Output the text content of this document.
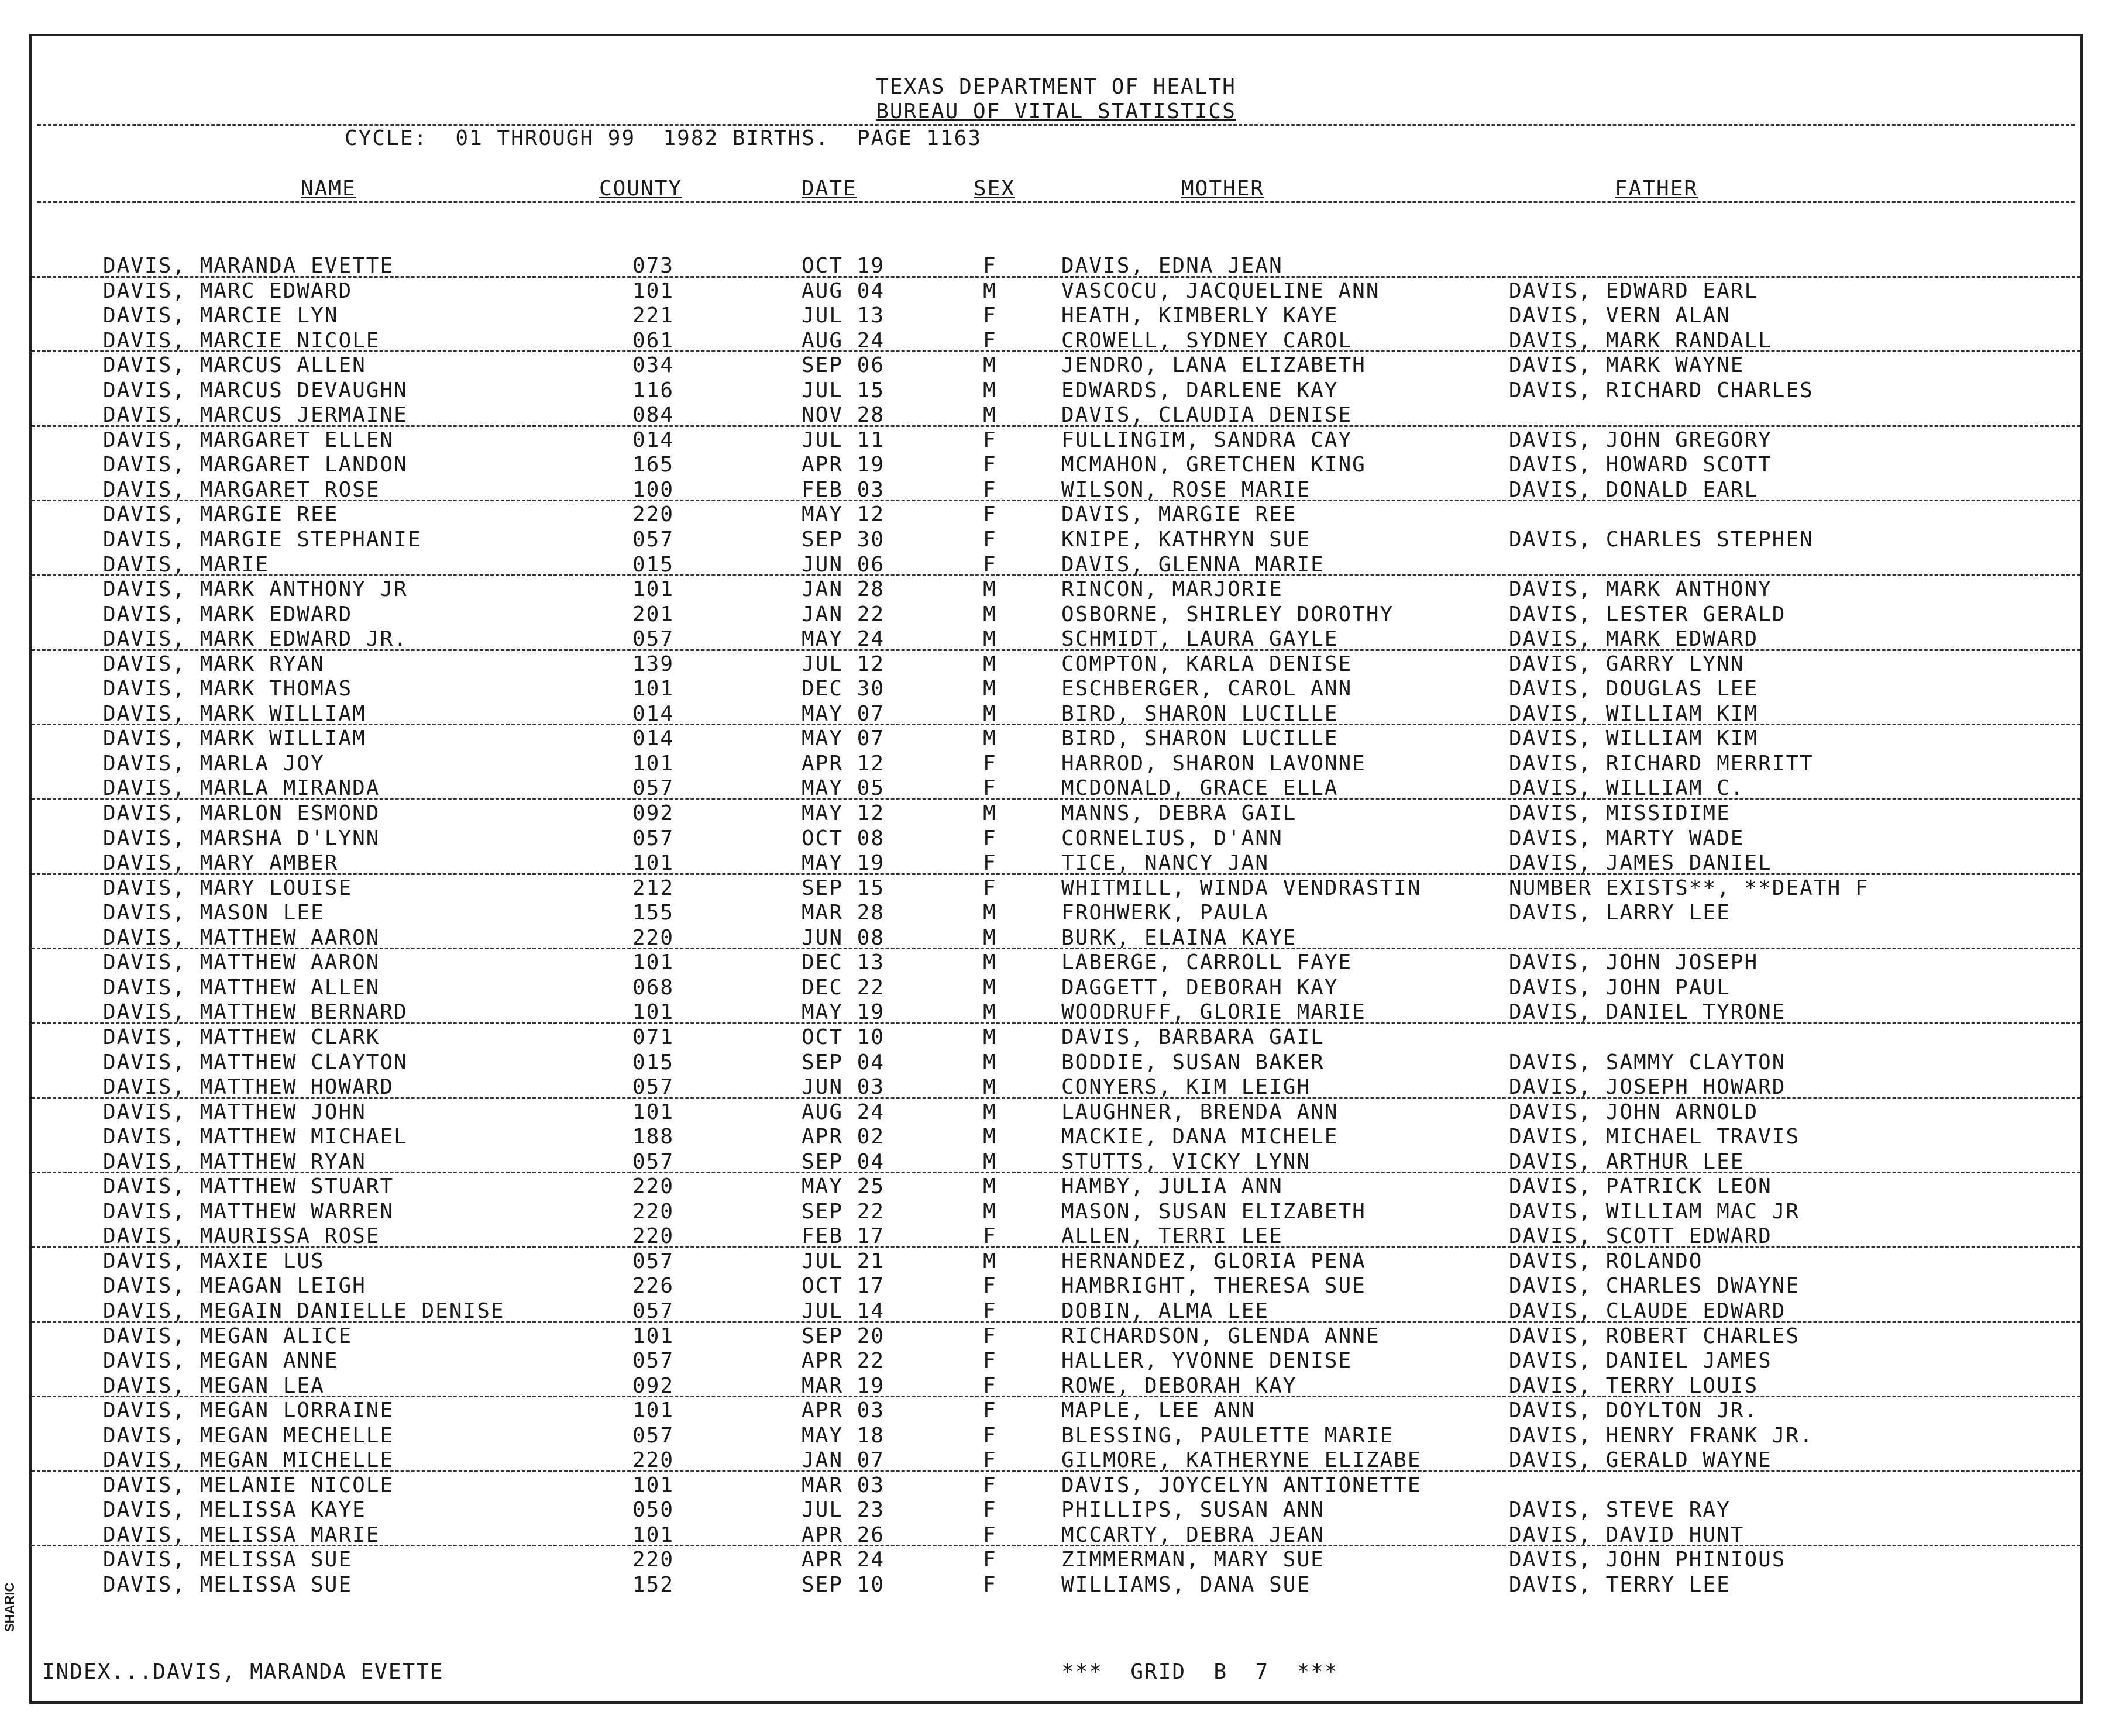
TEXAS DEPARTMENT OF HEALTH
BUREAU OF VITAL STATISTICS
CYCLE:  01 THROUGH 99  1982 BIRTHS.  PAGE 1163
NAME	COUNTY	DATE	SEX	MOTHER	FATHER
DAVIS, MARANDA EVETTE	073	OCT 19	F	DAVIS, EDNA JEAN
DAVIS, MARC EDWARD	101	AUG 04	M	VASCOCU, JACQUELINE ANN	DAVIS, EDWARD EARL
DAVIS, MARCIE LYN	221	JUL 13	F	HEATH, KIMBERLY KAYE	DAVIS, VERN ALAN
DAVIS, MARCIE NICOLE	061	AUG 24	F	CROWELL, SYDNEY CAROL	DAVIS, MARK RANDALL
DAVIS, MARCUS ALLEN	034	SEP 06	M	JENDRO, LANA ELIZABETH	DAVIS, MARK WAYNE
DAVIS, MARCUS DEVAUGHN	116	JUL 15	M	EDWARDS, DARLENE KAY	DAVIS, RICHARD CHARLES
DAVIS, MARCUS JERMAINE	084	NOV 28	M	DAVIS, CLAUDIA DENISE
DAVIS, MARGARET ELLEN	014	JUL 11	F	FULLINGIM, SANDRA CAY	DAVIS, JOHN GREGORY
DAVIS, MARGARET LANDON	165	APR 19	F	MCMAHON, GRETCHEN KING	DAVIS, HOWARD SCOTT
DAVIS, MARGARET ROSE	100	FEB 03	F	WILSON, ROSE MARIE	DAVIS, DONALD EARL
DAVIS, MARGIE REE	220	MAY 12	F	DAVIS, MARGIE REE
DAVIS, MARGIE STEPHANIE	057	SEP 30	F	KNIPE, KATHRYN SUE	DAVIS, CHARLES STEPHEN
DAVIS, MARIE	015	JUN 06	F	DAVIS, GLENNA MARIE
DAVIS, MARK ANTHONY JR	101	JAN 28	M	RINCON, MARJORIE	DAVIS, MARK ANTHONY
DAVIS, MARK EDWARD	201	JAN 22	M	OSBORNE, SHIRLEY DOROTHY	DAVIS, LESTER GERALD
DAVIS, MARK EDWARD JR.	057	MAY 24	M	SCHMIDT, LAURA GAYLE	DAVIS, MARK EDWARD
DAVIS, MARK RYAN	139	JUL 12	M	COMPTON, KARLA DENISE	DAVIS, GARRY LYNN
DAVIS, MARK THOMAS	101	DEC 30	M	ESCHBERGER, CAROL ANN	DAVIS, DOUGLAS LEE
DAVIS, MARK WILLIAM	014	MAY 07	M	BIRD, SHARON LUCILLE	DAVIS, WILLIAM KIM
DAVIS, MARK WILLIAM	014	MAY 07	M	BIRD, SHARON LUCILLE	DAVIS, WILLIAM KIM
DAVIS, MARLA JOY	101	APR 12	F	HARROD, SHARON LAVONNE	DAVIS, RICHARD MERRITT
DAVIS, MARLA MIRANDA	057	MAY 05	F	MCDONALD, GRACE ELLA	DAVIS, WILLIAM C.
DAVIS, MARLON ESMOND	092	MAY 12	M	MANNS, DEBRA GAIL	DAVIS, MISSIDIME
DAVIS, MARSHA D'LYNN	057	OCT 08	F	CORNELIUS, D'ANN	DAVIS, MARTY WADE
DAVIS, MARY AMBER	101	MAY 19	F	TICE, NANCY JAN	DAVIS, JAMES DANIEL
DAVIS, MARY LOUISE	212	SEP 15	F	WHITMILL, WINDA VENDRASTIN	NUMBER EXISTS**, **DEATH F
DAVIS, MASON LEE	155	MAR 28	M	FROHWERK, PAULA	DAVIS, LARRY LEE
DAVIS, MATTHEW AARON	220	JUN 08	M	BURK, ELAINA KAYE
DAVIS, MATTHEW AARON	101	DEC 13	M	LABERGE, CARROLL FAYE	DAVIS, JOHN JOSEPH
DAVIS, MATTHEW ALLEN	068	DEC 22	M	DAGGETT, DEBORAH KAY	DAVIS, JOHN PAUL
DAVIS, MATTHEW BERNARD	101	MAY 19	M	WOODRUFF, GLORIE MARIE	DAVIS, DANIEL TYRONE
DAVIS, MATTHEW CLARK	071	OCT 10	M	DAVIS, BARBARA GAIL
DAVIS, MATTHEW CLAYTON	015	SEP 04	M	BODDIE, SUSAN BAKER	DAVIS, SAMMY CLAYTON
DAVIS, MATTHEW HOWARD	057	JUN 03	M	CONYERS, KIM LEIGH	DAVIS, JOSEPH HOWARD
DAVIS, MATTHEW JOHN	101	AUG 24	M	LAUGHNER, BRENDA ANN	DAVIS, JOHN ARNOLD
DAVIS, MATTHEW MICHAEL	188	APR 02	M	MACKIE, DANA MICHELE	DAVIS, MICHAEL TRAVIS
DAVIS, MATTHEW RYAN	057	SEP 04	M	STUTTS, VICKY LYNN	DAVIS, ARTHUR LEE
DAVIS, MATTHEW STUART	220	MAY 25	M	HAMBY, JULIA ANN	DAVIS, PATRICK LEON
DAVIS, MATTHEW WARREN	220	SEP 22	M	MASON, SUSAN ELIZABETH	DAVIS, WILLIAM MAC JR
DAVIS, MAURISSA ROSE	220	FEB 17	F	ALLEN, TERRI LEE	DAVIS, SCOTT EDWARD
DAVIS, MAXIE LUS	057	JUL 21	M	HERNANDEZ, GLORIA PENA	DAVIS, ROLANDO
DAVIS, MEAGAN LEIGH	226	OCT 17	F	HAMBRIGHT, THERESA SUE	DAVIS, CHARLES DWAYNE
DAVIS, MEGAIN DANIELLE DENISE	057	JUL 14	F	DOBIN, ALMA LEE	DAVIS, CLAUDE EDWARD
DAVIS, MEGAN ALICE	101	SEP 20	F	RICHARDSON, GLENDA ANNE	DAVIS, ROBERT CHARLES
DAVIS, MEGAN ANNE	057	APR 22	F	HALLER, YVONNE DENISE	DAVIS, DANIEL JAMES
DAVIS, MEGAN LEA	092	MAR 19	F	ROWE, DEBORAH KAY	DAVIS, TERRY LOUIS
DAVIS, MEGAN LORRAINE	101	APR 03	F	MAPLE, LEE ANN	DAVIS, DOYLTON JR.
DAVIS, MEGAN MECHELLE	057	MAY 18	F	BLESSING, PAULETTE MARIE	DAVIS, HENRY FRANK JR.
DAVIS, MEGAN MICHELLE	220	JAN 07	F	GILMORE, KATHERYNE ELIZABE	DAVIS, GERALD WAYNE
DAVIS, MELANIE NICOLE	101	MAR 03	F	DAVIS, JOYCELYN ANTIONETTE
DAVIS, MELISSA KAYE	050	JUL 23	F	PHILLIPS, SUSAN ANN	DAVIS, STEVE RAY
DAVIS, MELISSA MARIE	101	APR 26	F	MCCARTY, DEBRA JEAN	DAVIS, DAVID HUNT
DAVIS, MELISSA SUE	220	APR 24	F	ZIMMERMAN, MARY SUE	DAVIS, JOHN PHINIOUS
DAVIS, MELISSA SUE	152	SEP 10	F	WILLIAMS, DANA SUE	DAVIS, TERRY LEE
INDEX...DAVIS, MARANDA EVETTE	***  GRID  B  7  ***
SHARIC
